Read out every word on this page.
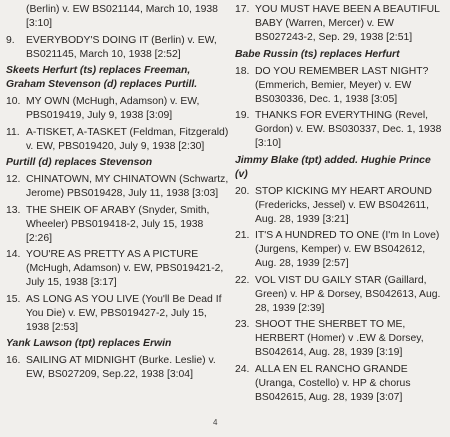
(Berlin) v. EW BS021144, March 10, 1938 [3:10]
9.	EVERYBODY'S DOING IT (Berlin) v. EW, BS021145, March 10, 1938 [2:52]
Skeets Herfurt (ts) replaces Freeman, Graham Stevenson (d) replaces Purtill.
10. MY OWN (McHugh, Adamson) v. EW, PBS019419, July 9, 1938 [3:09]
11. A-TISKET, A-TASKET (Feldman, Fitzgerald) v. EW, PBS019420, July 9, 1938 [2:30]
Purtill (d) replaces Stevenson
12. CHINATOWN, MY CHINATOWN (Schwartz, Jerome) PBS019428, July 11, 1938 [3:03]
13. THE SHEIK OF ARABY (Snyder, Smith, Wheeler) PBS019418-2, July 15, 1938 [2:26]
14. YOU'RE AS PRETTY AS A PICTURE (McHugh, Adamson) v. EW, PBS019421-2, July 15, 1938 [3:17]
15. AS LONG AS YOU LIVE (You'll Be Dead If You Die) v. EW, PBS019427-2, July 15, 1938 [2:53]
Yank Lawson (tpt) replaces Erwin
16. SAILING AT MIDNIGHT (Burke. Leslie) v. EW, BS027209, Sep.22, 1938 [3:04]
17. YOU MUST HAVE BEEN A BEAUTIFUL BABY (Warren, Mercer) v. EW BS027243-2, Sep. 29, 1938 [2:51]
Babe Russin (ts) replaces Herfurt
18. DO YOU REMEMBER LAST NIGHT? (Emmerich, Bemier, Meyer) v. EW BS030336, Dec. 1, 1938 [3:05]
19. THANKS FOR EVERYTHING (Revel, Gordon) v. EW. BS030337, Dec. 1, 1938 [3:10]
Jimmy Blake (tpt) added. Hughie Prince (v)
20. STOP KICKING MY HEART AROUND (Fredericks, Jessel) v. EW BS042611, Aug. 28, 1939 [3:21]
21. IT'S A HUNDRED TO ONE (I'm In Love) (Jurgens, Kemper) v. EW BS042612, Aug. 28, 1939 [2:57]
22. VOL VIST DU GAILY STAR (Gaillard, Green) v. HP & Dorsey, BS042613, Aug. 28, 1939 [2:39]
23. SHOOT THE SHERBET TO ME, HERBERT (Homer) v .EW & Dorsey, BS042614, Aug. 28, 1939 [3:19]
24. ALLA EN EL RANCHO GRANDE (Uranga, Costello) v. HP & chorus BS042615, Aug. 28, 1939 [3:07]
4
